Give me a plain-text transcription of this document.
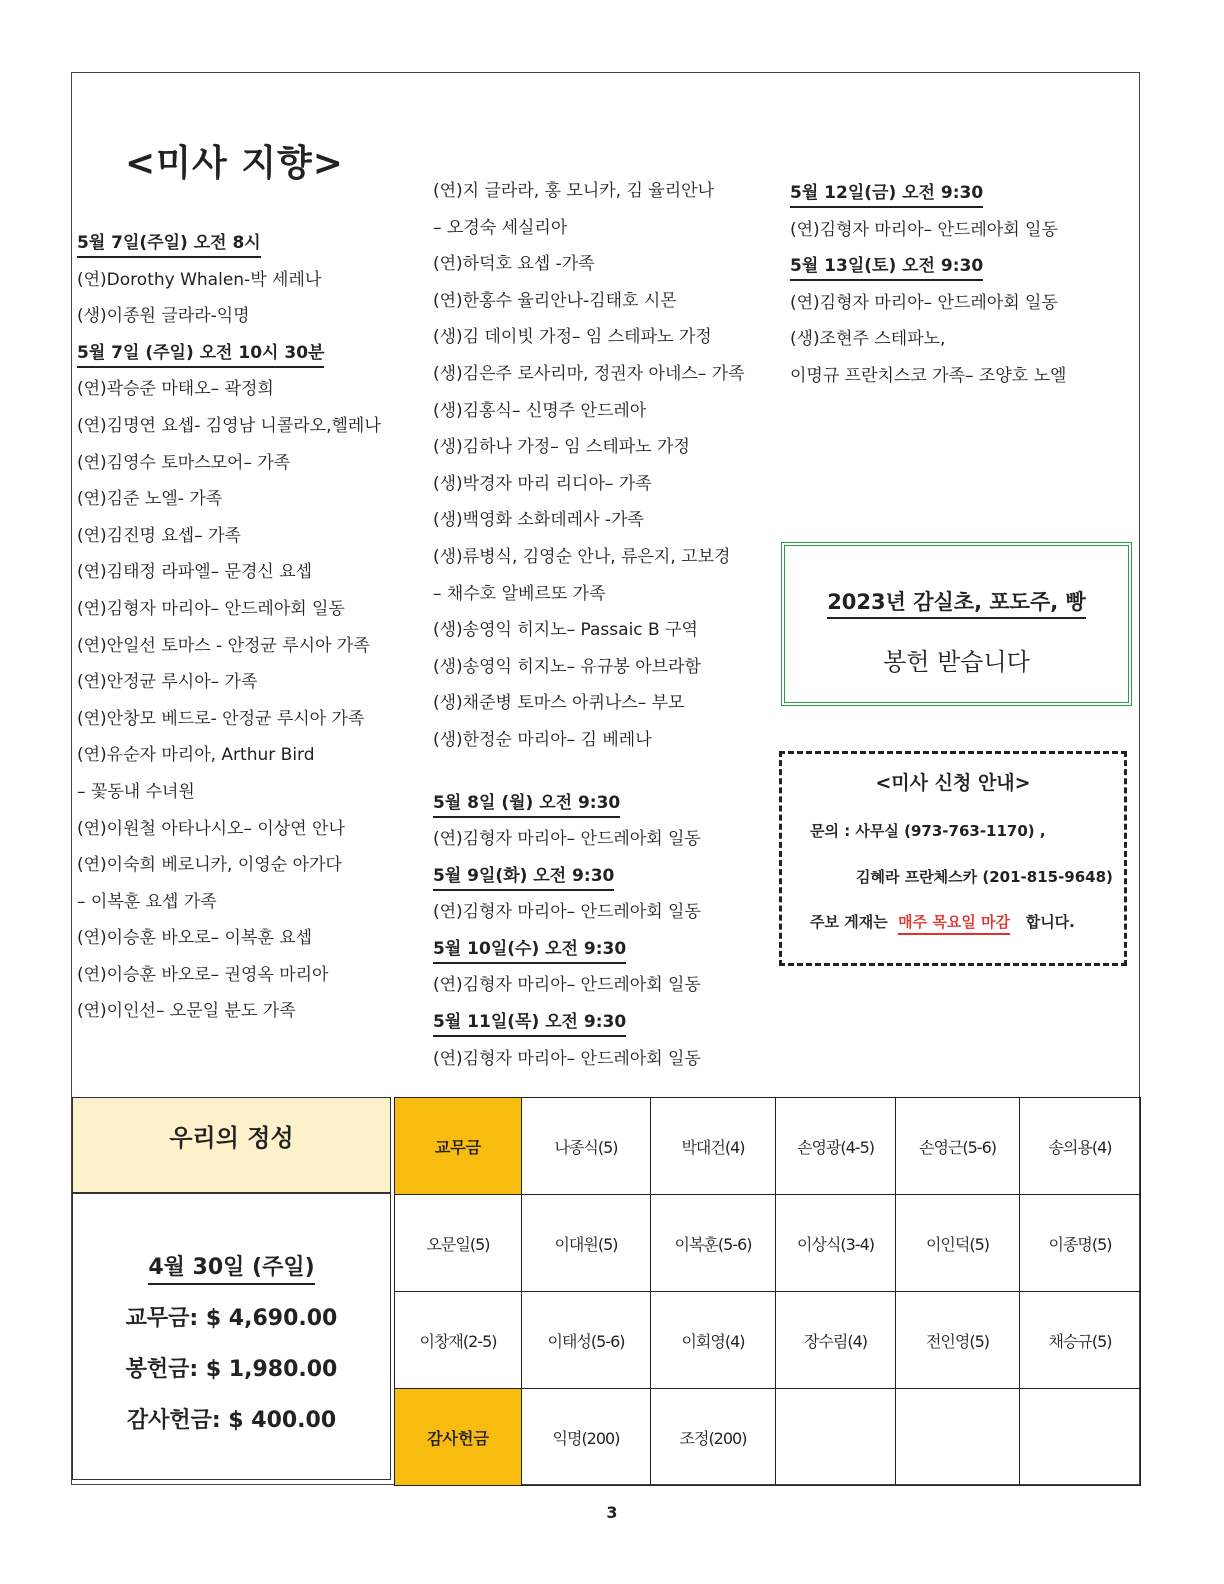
<미사 지향>
5월 7일(주일) 오전 8시
(연)Dorothy Whalen-박 세레나
(생)이종원 글라라-익명
5월 7일 (주일) 오전 10시 30분
(연)곽승준 마태오– 곽정희
(연)김명연 요셉- 김영남 니콜라오,헬레나
(연)김영수 토마스모어– 가족
(연)김준 노엘- 가족
(연)김진명 요셉– 가족
(연)김태정 라파엘– 문경신 요셉
(연)김형자 마리아– 안드레아회 일동
(연)안일선 토마스 - 안정균 루시아 가족
(연)안정균 루시아– 가족
(연)안창모 베드로- 안정균 루시아 가족
(연)유순자 마리아, Arthur Bird
– 꽃동내 수녀원
(연)이원철 아타나시오– 이상연 안나
(연)이숙희 베로니카, 이영순 아가다
– 이복훈 요셉 가족
(연)이승훈 바오로– 이복훈 요셉
(연)이승훈 바오로– 권영옥 마리아
(연)이인선– 오문일 분도 가족
(연)지 글라라, 홍 모니카, 김 율리안나
– 오경숙 세실리아
(연)하덕호 요셉 -가족
(연)한홍수 율리안나-김태호 시몬
(생)김 데이빗 가정– 임 스테파노 가정
(생)김은주 로사리마, 정권자 아네스– 가족
(생)김홍식– 신명주 안드레아
(생)김하나 가정– 임 스테파노 가정
(생)박경자 마리 리디아– 가족
(생)백영화 소화데레사 -가족
(생)류병식, 김영순 안나, 류은지, 고보경
– 채수호 알베르또 가족
(생)송영익 히지노– Passaic B 구역
(생)송영익 히지노– 유규봉 아브라함
(생)채준병 토마스 아퀴나스– 부모
(생)한정순 마리아– 김 베레나
5월 8일 (월) 오전 9:30
(연)김형자 마리아– 안드레아회 일동
5월 9일(화) 오전 9:30
(연)김형자 마리아– 안드레아회 일동
5월 10일(수) 오전 9:30
(연)김형자 마리아– 안드레아회 일동
5월 11일(목) 오전 9:30
(연)김형자 마리아– 안드레아회 일동
5월 12일(금) 오전 9:30
(연)김형자 마리아– 안드레아회 일동
5월 13일(토) 오전 9:30
(연)김형자 마리아– 안드레아회 일동
(생)조현주 스테파노,
이명규 프란치스코 가족– 조양호 노엘
2023년 감실초, 포도주, 빵
봉헌 받습니다
<미사 신청 안내>
문의 : 사무실 (973-763-1170) ,
김혜라 프란체스카 (201-815-9648)
주보 게재는 매주 목요일 마감 합니다.
우리의 정성
4월 30일 (주일)
교무금: $ 4,690.00
봉헌금: $ 1,980.00
감사헌금: $ 400.00
교무금	나종식(5)	박대건(4)	손영광(4-5)	손영근(5-6)	송의용(4)
오문일(5)	이대원(5)	이복훈(5-6)	이상식(3-4)	이인덕(5)	이종명(5)
이창재(2-5)	이태성(5-6)	이회영(4)	장수림(4)	전인영(5)	채승규(5)
감사헌금	익명(200)	조정(200)			
3
